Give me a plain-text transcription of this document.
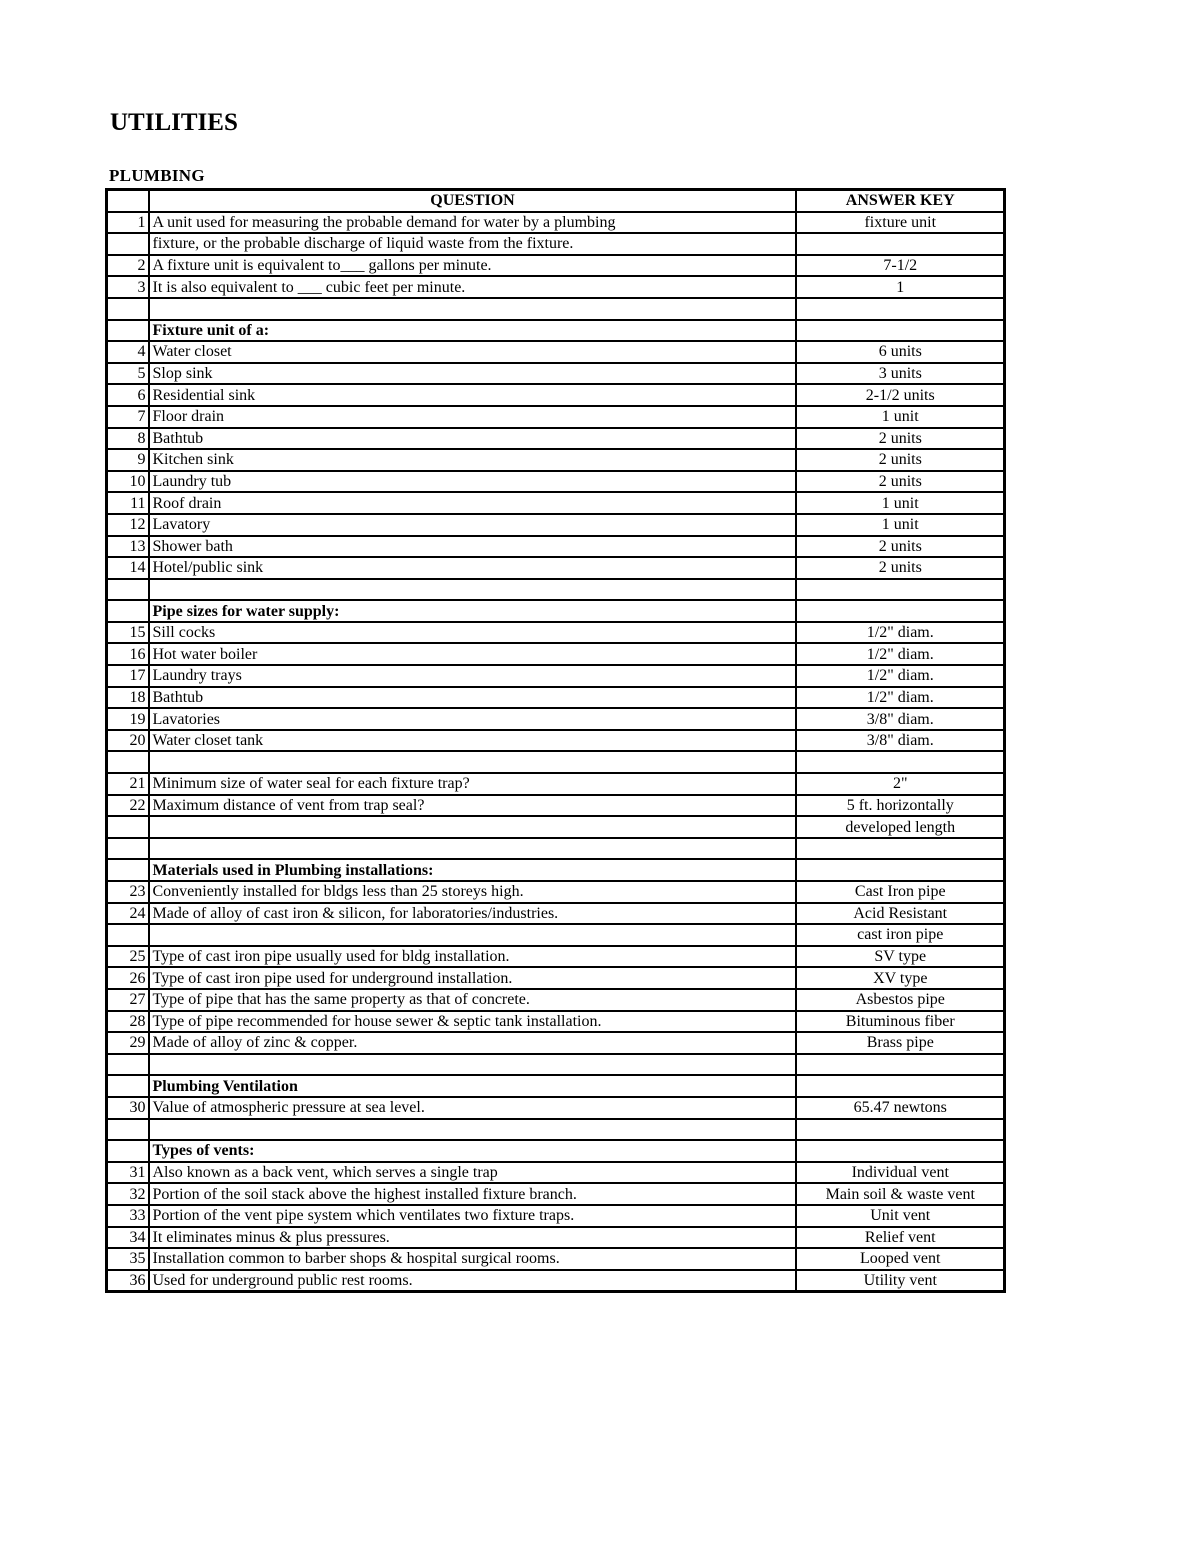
UTILITIES
PLUMBING
	QUESTION	ANSWER KEY
1	A unit used for measuring the probable demand for water by a plumbing	fixture unit
	fixture, or the probable discharge of liquid waste from the fixture.	
2	A fixture unit is equivalent to___ gallons per minute.	7-1/2
3	It is also equivalent to ___ cubic feet per minute.	1

	Fixture unit of a:	
4	Water closet	6 units
5	Slop sink	3 units
6	Residential sink	2-1/2 units
7	Floor drain	1 unit
8	Bathtub	2 units
9	Kitchen sink	2 units
10	Laundry tub	2 units
11	Roof drain	1 unit
12	Lavatory	1 unit
13	Shower bath	2 units
14	Hotel/public sink	2 units

	Pipe sizes for water supply:	
15	Sill cocks	1/2" diam.
16	Hot water boiler	1/2" diam.
17	Laundry trays	1/2" diam.
18	Bathtub	1/2" diam.
19	Lavatories	3/8" diam.
20	Water closet tank	3/8" diam.

21	Minimum size of water seal for each fixture trap?	2"
22	Maximum distance of vent from trap seal?	5 ft. horizontally
		developed length

	Materials used in Plumbing installations:	
23	Conveniently installed for bldgs less than 25 storeys high.	Cast Iron pipe
24	Made of alloy of cast iron & silicon, for laboratories/industries.	Acid Resistant
		cast iron pipe
25	Type of cast iron pipe usually used for bldg installation.	SV type
26	Type of cast iron pipe used for underground installation.	XV type
27	Type of pipe that has the same property as that of concrete.	Asbestos pipe
28	Type of pipe recommended for house sewer & septic tank installation.	Bituminous fiber
29	Made of alloy of zinc & copper.	Brass pipe

	Plumbing Ventilation	
30	Value of atmospheric pressure at sea level.	65.47 newtons

	Types of vents:	
31	Also known as a back vent, which serves a single trap	Individual vent
32	Portion of the soil stack above the highest installed fixture branch.	Main soil & waste vent
33	Portion of the vent pipe system which ventilates two fixture traps.	Unit vent
34	It eliminates minus & plus pressures.	Relief vent
35	Installation common to barber shops & hospital surgical rooms.	Looped vent
36	Used for underground public rest rooms.	Utility vent
